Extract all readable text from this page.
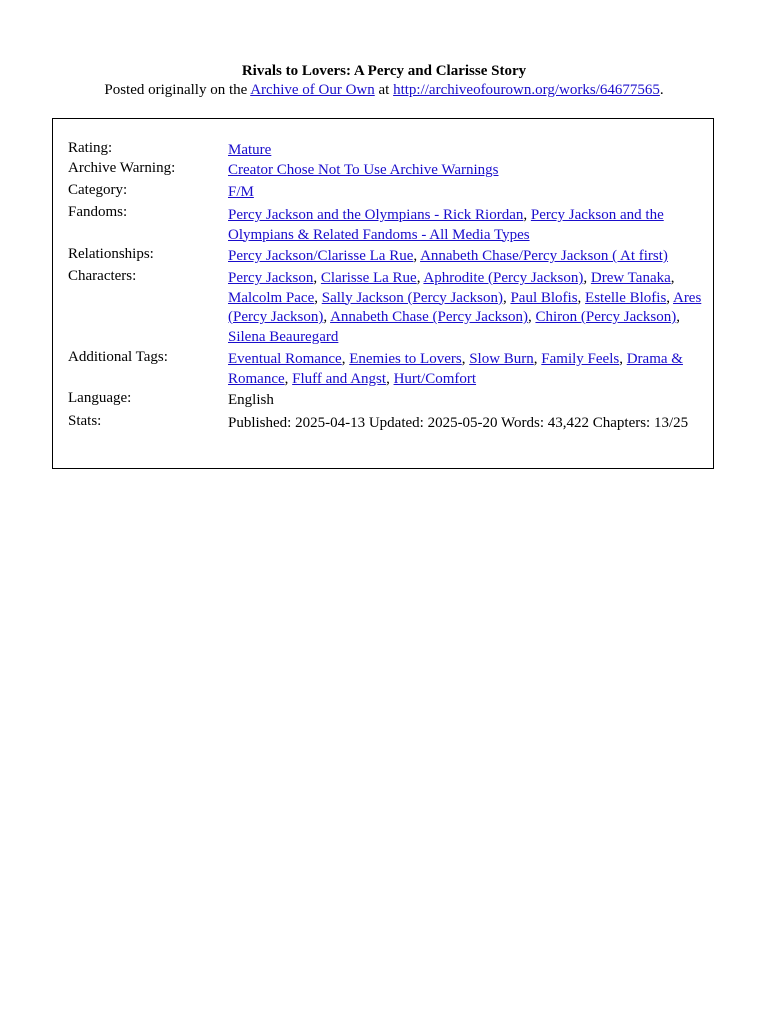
Rivals to Lovers: A Percy and Clarisse Story
Posted originally on the Archive of Our Own at http://archiveofourown.org/works/64677565.
Rating:	Mature
Archive Warning:	Creator Chose Not To Use Archive Warnings
Category:	F/M
Fandoms:	Percy Jackson and the Olympians - Rick Riordan, Percy Jackson and the Olympians & Related Fandoms - All Media Types
Relationships:	Percy Jackson/Clarisse La Rue, Annabeth Chase/Percy Jackson ( At first)
Characters:	Percy Jackson, Clarisse La Rue, Aphrodite (Percy Jackson), Drew Tanaka, Malcolm Pace, Sally Jackson (Percy Jackson), Paul Blofis, Estelle Blofis, Ares (Percy Jackson), Annabeth Chase (Percy Jackson), Chiron (Percy Jackson), Silena Beauregard
Additional Tags:	Eventual Romance, Enemies to Lovers, Slow Burn, Family Feels, Drama & Romance, Fluff and Angst, Hurt/Comfort
Language:	English
Stats:	Published: 2025-04-13 Updated: 2025-05-20 Words: 43,422 Chapters: 13/25
